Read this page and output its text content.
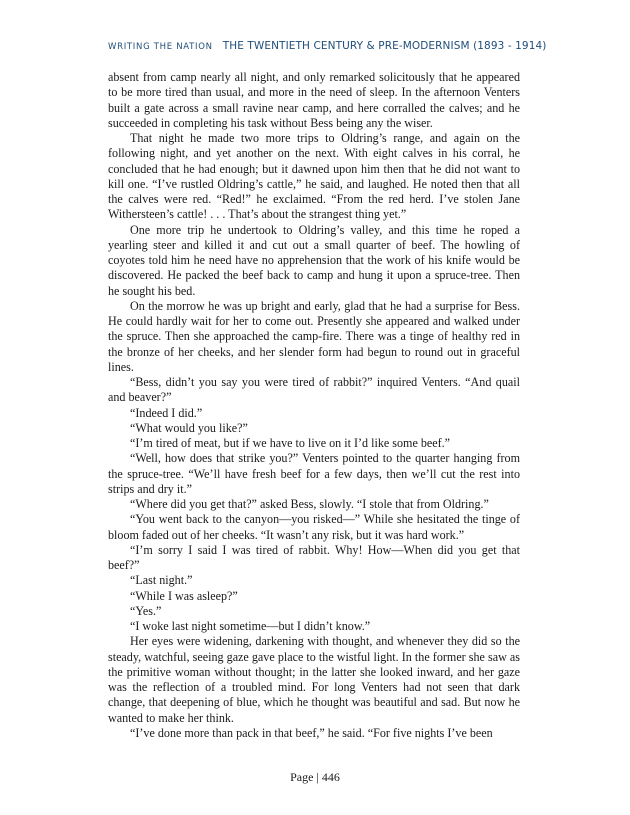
WRITING THE NATION THE TWENTIETH CENTURY & PRE-MODERNISM (1893 - 1914)

absent from camp nearly all night, and only remarked solicitously that he appeared to be more tired than usual, and more in the need of sleep. In the afternoon Venters built a gate across a small ravine near camp, and here corralled the calves; and he succeeded in completing his task without Bess being any the wiser.

That night he made two more trips to Oldring’s range, and again on the following night, and yet another on the next. With eight calves in his corral, he concluded that he had enough; but it dawned upon him then that he did not want to kill one. “I’ve rustled Oldring’s cattle,” he said, and laughed. He noted then that all the calves were red. “Red!” he exclaimed. “From the red herd. I’ve stolen Jane Withersteen’s cattle! . . . That’s about the strangest thing yet.”

One more trip he undertook to Oldring’s valley, and this time he roped a yearling steer and killed it and cut out a small quarter of beef. The howling of coyotes told him he need have no apprehension that the work of his knife would be discovered. He packed the beef back to camp and hung it upon a spruce-tree. Then he sought his bed.

On the morrow he was up bright and early, glad that he had a surprise for Bess. He could hardly wait for her to come out. Presently she appeared and walked under the spruce. Then she approached the camp-fire. There was a tinge of healthy red in the bronze of her cheeks, and her slender form had begun to round out in graceful lines.

“Bess, didn’t you say you were tired of rabbit?” inquired Venters. “And quail and beaver?”

“Indeed I did.”

“What would you like?”

“I’m tired of meat, but if we have to live on it I’d like some beef.”

“Well, how does that strike you?” Venters pointed to the quarter hanging from the spruce-tree. “We’ll have fresh beef for a few days, then we’ll cut the rest into strips and dry it.”

“Where did you get that?” asked Bess, slowly. “I stole that from Oldring.”

“You went back to the canyon—you risked—” While she hesitated the tinge of bloom faded out of her cheeks. “It wasn’t any risk, but it was hard work.”

“I’m sorry I said I was tired of rabbit. Why! How—When did you get that beef?”

“Last night.”

“While I was asleep?”

“Yes.”

“I woke last night sometime—but I didn’t know.”

Her eyes were widening, darkening with thought, and whenever they did so the steady, watchful, seeing gaze gave place to the wistful light. In the former she saw as the primitive woman without thought; in the latter she looked inward, and her gaze was the reflection of a troubled mind. For long Venters had not seen that dark change, that deepening of blue, which he thought was beautiful and sad. But now he wanted to make her think.

“I’ve done more than pack in that beef,” he said. “For five nights I’ve been

Page | 446
